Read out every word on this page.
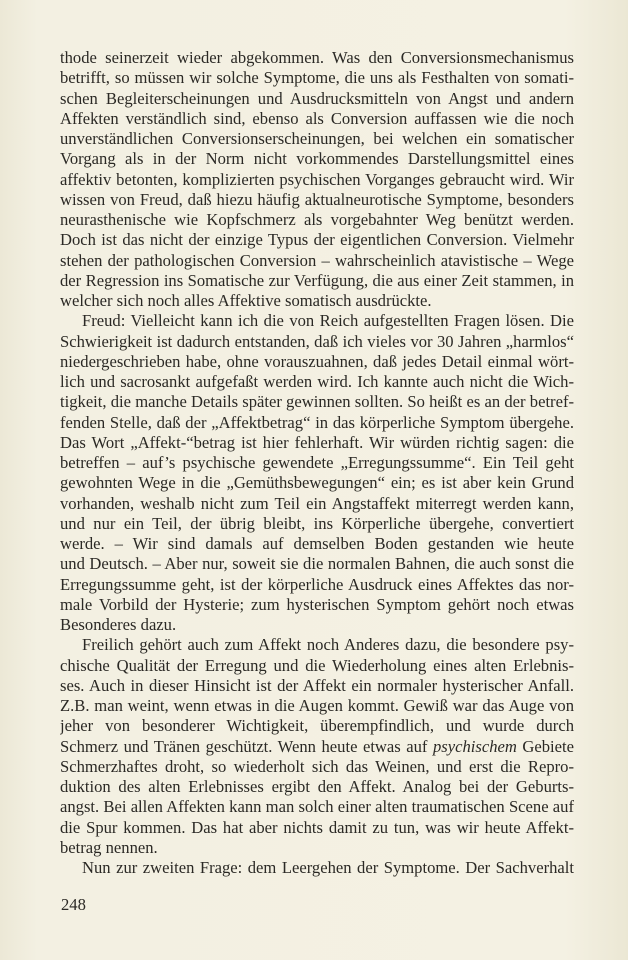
thode seinerzeit wieder abgekommen. Was den Conversionsmechanismus
betrifft, so müssen wir solche Symptome, die uns als Festhalten von somati-
schen Begleiterscheinungen und Ausdrucksmitteln von Angst und andern
Affekten verständlich sind, ebenso als Conversion auffassen wie die noch
unverständlichen Conversionserscheinungen, bei welchen ein somatischer
Vorgang als in der Norm nicht vorkommendes Darstellungsmittel eines
affektiv betonten, komplizierten psychischen Vorganges gebraucht wird. Wir
wissen von Freud, daß hiezu häufig aktualneurotische Symptome, besonders
neurasthenische wie Kopfschmerz als vorgebahnter Weg benützt werden.
Doch ist das nicht der einzige Typus der eigentlichen Conversion. Vielmehr
stehen der pathologischen Conversion – wahrscheinlich atavistische – Wege
der Regression ins Somatische zur Verfügung, die aus einer Zeit stammen, in
welcher sich noch alles Affektive somatisch ausdrückte.
Freud: Vielleicht kann ich die von Reich aufgestellten Fragen lösen. Die
Schwierigkeit ist dadurch entstanden, daß ich vieles vor 30 Jahren „harmlos“
niedergeschrieben habe, ohne vorauszuahnen, daß jedes Detail einmal wört-
lich und sacrosankt aufgefaßt werden wird. Ich kannte auch nicht die Wich-
tigkeit, die manche Details später gewinnen sollten. So heißt es an der betref-
fenden Stelle, daß der „Affektbetrag“ in das körperliche Symptom übergehe.
Das Wort „Affekt-“betrag ist hier fehlerhaft. Wir würden richtig sagen: die
betreffen – auf’s psychische gewendete „Erregungssumme“. Ein Teil geht
gewohnten Wege in die „Gemüthsbewegungen“ ein; es ist aber kein Grund
vorhanden, weshalb nicht zum Teil ein Angstaffekt miterregt werden kann,
und nur ein Teil, der übrig bleibt, ins Körperliche übergehe, convertiert
werde. – Wir sind damals auf demselben Boden gestanden wie heute
und Deutsch. – Aber nur, soweit sie die normalen Bahnen, die auch sonst die
Erregungssumme geht, ist der körperliche Ausdruck eines Affektes das nor-
male Vorbild der Hysterie; zum hysterischen Symptom gehört noch etwas
Besonderes dazu.
Freilich gehört auch zum Affekt noch Anderes dazu, die besondere psy-
chische Qualität der Erregung und die Wiederholung eines alten Erlebnis-
ses. Auch in dieser Hinsicht ist der Affekt ein normaler hysterischer Anfall.
Z.B. man weint, wenn etwas in die Augen kommt. Gewiß war das Auge von
jeher von besonderer Wichtigkeit, überempfindlich, und wurde durch
Schmerz und Tränen geschützt. Wenn heute etwas auf psychischem Gebiete
Schmerzhaftes droht, so wiederholt sich das Weinen, und erst die Repro-
duktion des alten Erlebnisses ergibt den Affekt. Analog bei der Geburts-
angst. Bei allen Affekten kann man solch einer alten traumatischen Scene auf
die Spur kommen. Das hat aber nichts damit zu tun, was wir heute Affekt-
betrag nennen.
Nun zur zweiten Frage: dem Leergehen der Symptome. Der Sachverhalt
248
